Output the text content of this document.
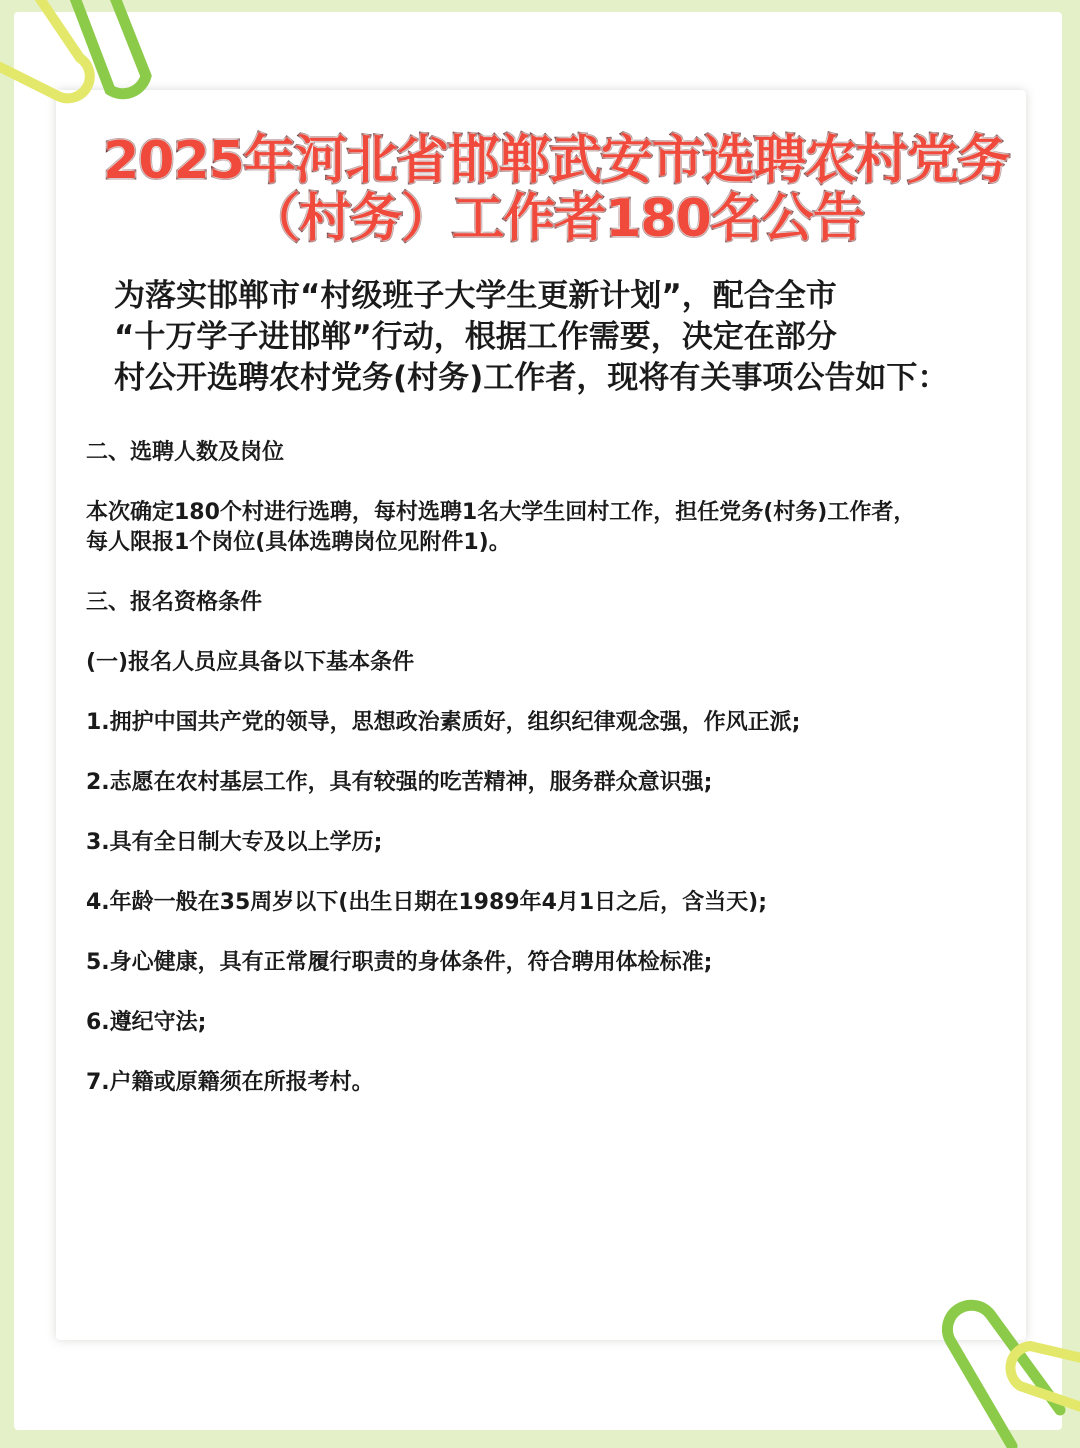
2025年河北省邯郸武安市选聘农村党务
（村务）工作者180名公告
为落实邯郸市“村级班子大学生更新计划”，配合全市
“十万学子进邯郸”行动，根据工作需要，决定在部分
村公开选聘农村党务(村务)工作者，现将有关事项公告如下：

二、选聘人数及岗位

本次确定180个村进行选聘，每村选聘1名大学生回村工作，担任党务(村务)工作者，

每人限报1个岗位(具体选聘岗位见附件1)。

三、报名资格条件

(一)报名人员应具备以下基本条件

1.拥护中国共产党的领导，思想政治素质好，组织纪律观念强，作风正派;

2.志愿在农村基层工作，具有较强的吃苦精神，服务群众意识强;

3.具有全日制大专及以上学历;

4.年龄一般在35周岁以下(出生日期在1989年4月1日之后，含当天);

5.身心健康，具有正常履行职责的身体条件，符合聘用体检标准;

6.遵纪守法;

7.户籍或原籍须在所报考村。
